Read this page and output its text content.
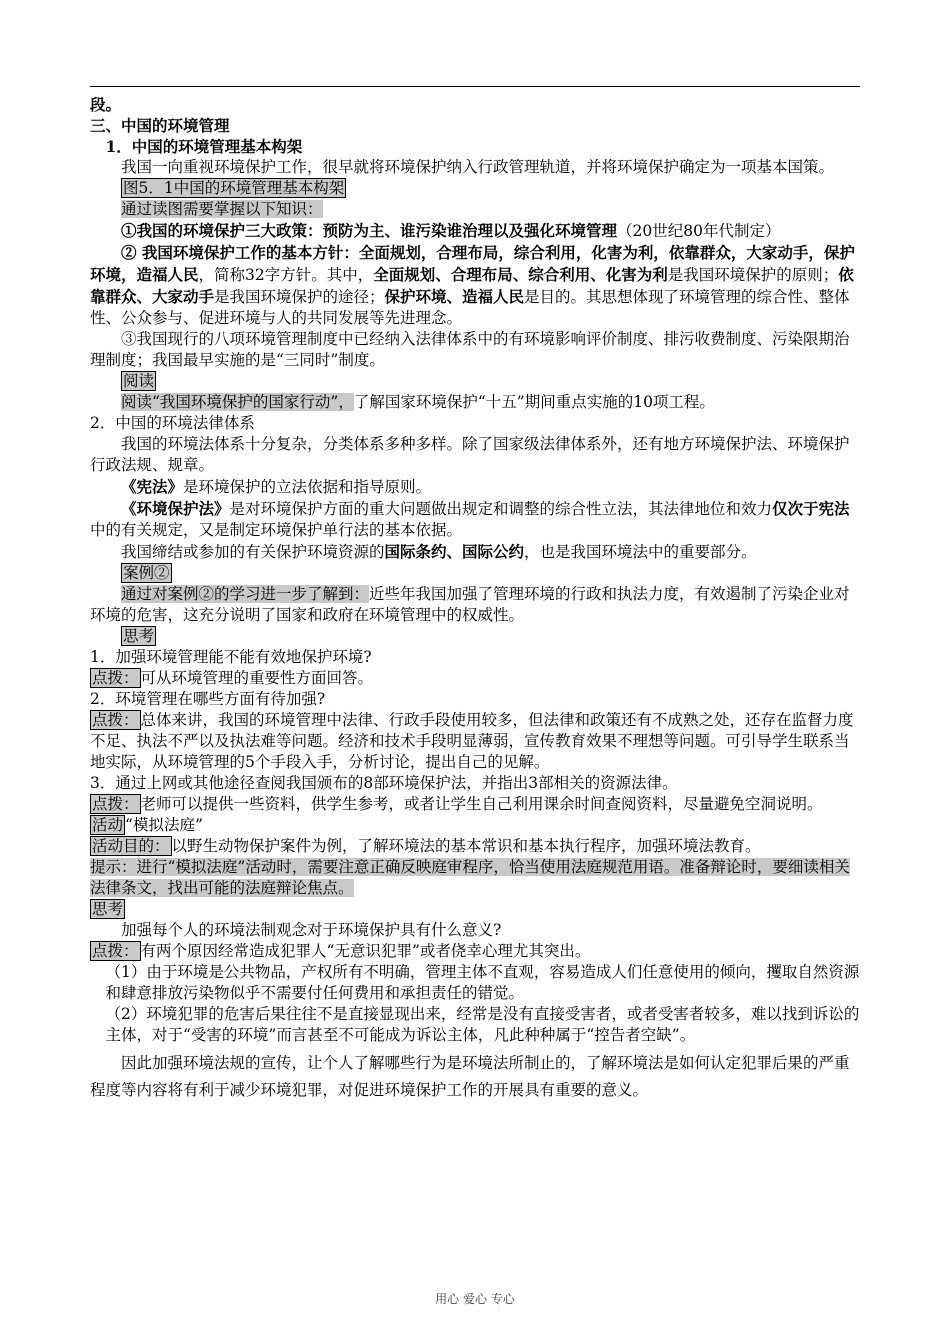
段。

三、中国的环境管理

1．中国的环境管理基本构架

我国一向重视环境保护工作，很早就将环境保护纳入行政管理轨道，并将环境保护确定为一项基本国策。

图5．1中国的环境管理基本构架

通过读图需要掌握以下知识：

①我国的环境保护三大政策：预防为主、谁污染谁治理以及强化环境管理（20世纪80年代制定）

② 我国环境保护工作的基本方针：全面规划，合理布局，综合利用，化害为利，依靠群众，大家动手，保护环境，造福人民，简称32字方针。其中，全面规划、合理布局、综合利用、化害为利是我国环境保护的原则；依靠群众、大家动手是我国环境保护的途径；保护环境、造福人民是目的。其思想体现了环境管理的综合性、整体性、公众参与、促进环境与人的共同发展等先进理念。

③我国现行的八项环境管理制度中已经纳入法律体系中的有环境影响评价制度、排污收费制度、污染限期治理制度；我国最早实施的是“三同时”制度。

阅读

阅读“我国环境保护的国家行动”，了解国家环境保护“十五”期间重点实施的10项工程。

2．中国的环境法律体系

我国的环境法体系十分复杂，分类体系多种多样。除了国家级法律体系外，还有地方环境保护法、环境保护行政法规、规章。

《宪法》是环境保护的立法依据和指导原则。

《环境保护法》是对环境保护方面的重大问题做出规定和调整的综合性立法，其法律地位和效力仅次于宪法中的有关规定，又是制定环境保护单行法的基本依据。

我国缔结或参加的有关保护环境资源的国际条约、国际公约，也是我国环境法中的重要部分。

案例②

通过对案例②的学习进一步了解到：近些年我国加强了管理环境的行政和执法力度，有效遏制了污染企业对环境的危害，这充分说明了国家和政府在环境管理中的权威性。

思考

1．加强环境管理能不能有效地保护环境?

点拨： 可从环境管理的重要性方面回答。

2．环境管理在哪些方面有待加强?

点拨： 总体来讲，我国的环境管理中法律、行政手段使用较多，但法律和政策还有不成熟之处，还存在监督力度不足、执法不严以及执法难等问题。经济和技术手段明显薄弱，宣传教育效果不理想等问题。可引导学生联系当地实际，从环境管理的5个手段入手，分析讨论，提出自己的见解。

3．通过上网或其他途径查阅我国颁布的8部环境保护法，并指出3部相关的资源法律。

点拨： 老师可以提供一些资料，供学生参考，或者让学生自己利用课余时间查阅资料，尽量避免空洞说明。

活动 “模拟法庭”

活动目的： 以野生动物保护案件为例，了解环境法的基本常识和基本执行程序，加强环境法教育。

提示：进行“模拟法庭”活动时，需要注意正确反映庭审程序，恰当使用法庭规范用语。准备辩论时，要细读相关法律条文，找出可能的法庭辩论焦点。

思考

加强每个人的环境法制观念对于环境保护具有什么意义?

点拨： 有两个原因经常造成犯罪人“无意识犯罪”或者侥幸心理尤其突出。

（1）由于环境是公共物品，产权所有不明确，管理主体不直观，容易造成人们任意使用的倾向，攫取自然资源和肆意排放污染物似乎不需要付任何费用和承担责任的错觉。

（2）环境犯罪的危害后果往往不是直接显现出来，经常是没有直接受害者，或者受害者较多，难以找到诉讼的主体，对于“受害的环境”而言甚至不可能成为诉讼主体，凡此种种属于“控告者空缺”。

因此加强环境法规的宣传，让个人了解哪些行为是环境法所制止的，了解环境法是如何认定犯罪后果的严重程度等内容将有利于减少环境犯罪，对促进环境保护工作的开展具有重要的意义。

用心 爱心 专心
